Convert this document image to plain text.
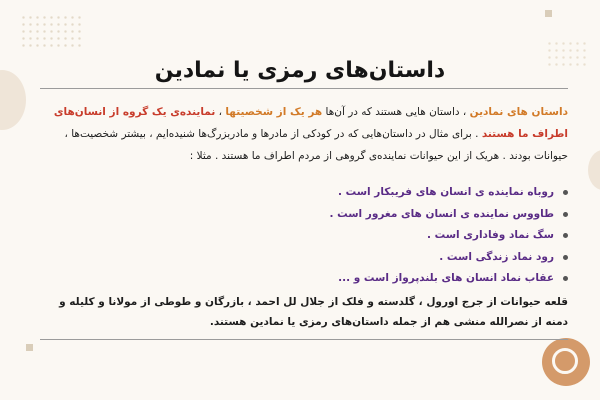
داستان‌های رمزی یا نمادین

داستان های نمادین ، داستان هایی هستند که در آن‌ها هر یک از شخصیتها ، نماینده‌ی یک گروه از انسان‌های اطراف ما هستند . برای مثال در داستان‌هایی که در کودکی از مادرها و مادربزرگ‌ها شنیده‌ایم ، بیشتر شخصیت‌ها ، حیوانات بودند . هریک از این حیوانات نماینده‌ی گروهی از مردم اطراف ما هستند . مثلا :

روباه نماینده ی انسان های فریبکار است .
طاووس نماینده ی انسان های مغرور است .
سگ نماد وفاداری است .
رود نماد زندگی است .
عقاب نماد انسان های بلندپرواز است و ...

قلعه حیوانات از جرج اورول ، گلدسته و فلک از جلال لل احمد ، بازرگان و طوطی از مولانا و کلیله و دمنه از نصرالله منشی هم از جمله داستان‌های رمزی یا نمادین هستند.
